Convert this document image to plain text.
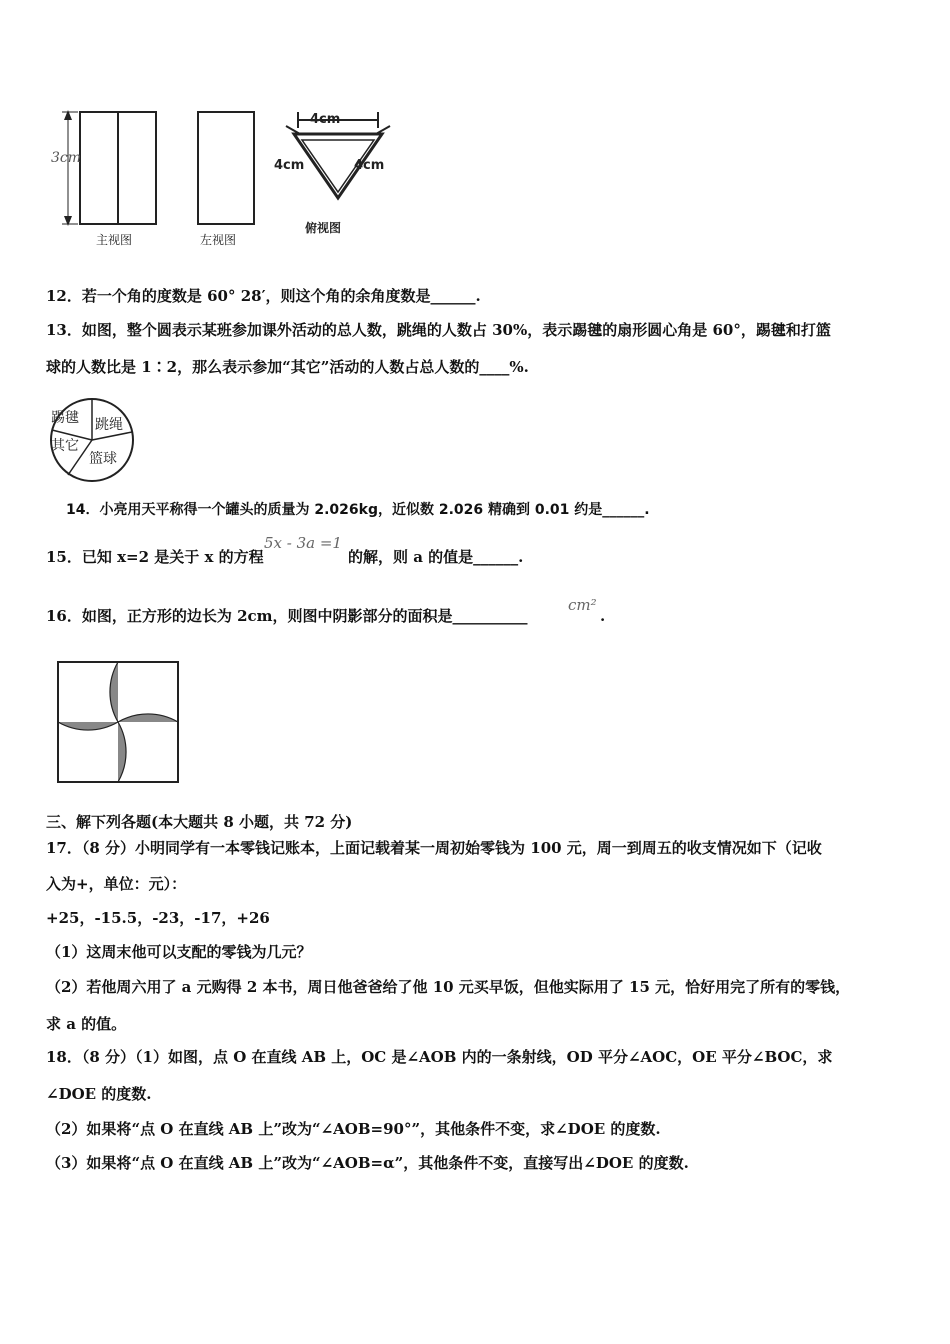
3cm
主视图	左视图
4cm
4cm	4cm
俯视图
12．若一个角的度数是 60° 28′，则这个角的余角度数是______.
13．如图，整个圆表示某班参加课外活动的总人数，跳绳的人数占 30%，表示踢毽的扇形圆心角是 60°，踢毽和打篮
球的人数比是 1∶2，那么表示参加“其它”活动的人数占总人数的____%.
踢毽 跳绳
其它
篮球
14．小亮用天平称得一个罐头的质量为 2.026kg，近似数 2.026 精确到 0.01 约是______.
15．已知 x=2 是关于 x 的方程
5x - 3a =1
的解，则 a 的值是______.
16．如图，正方形的边长为 2cm，则图中阴影部分的面积是__________
cm²
.
三、解下列各题(本大题共 8 小题，共 72 分)
17．（8 分）小明同学有一本零钱记账本，上面记载着某一周初始零钱为 100 元，周一到周五的收支情况如下（记收
入为+，单位：元）：
+25，-15.5，-23，-17，+26
（1）这周末他可以支配的零钱为几元？
（2）若他周六用了 a 元购得 2 本书，周日他爸爸给了他 10 元买早饭，但他实际用了 15 元，恰好用完了所有的零钱，
求 a 的值。
18．（8 分）（1）如图，点 O 在直线 AB 上，OC 是∠AOB 内的一条射线，OD 平分∠AOC，OE 平分∠BOC，求
∠DOE 的度数.
（2）如果将“点 O 在直线 AB 上”改为“∠AOB=90°”，其他条件不变，求∠DOE 的度数.
（3）如果将“点 O 在直线 AB 上”改为“∠AOB=α”，其他条件不变，直接写出∠DOE 的度数.
